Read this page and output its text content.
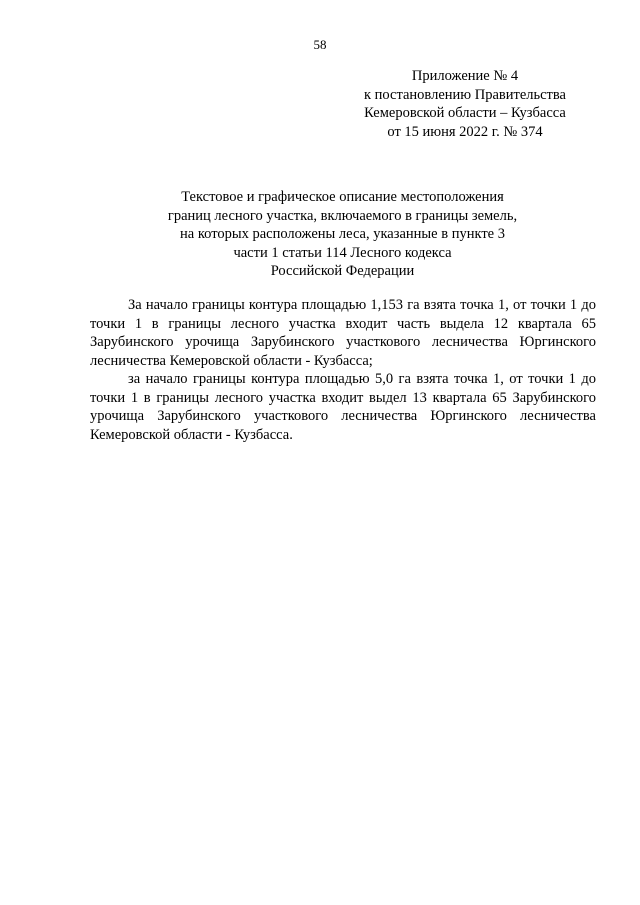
58
Приложение № 4
к постановлению Правительства
Кемеровской области – Кузбасса
от 15 июня 2022 г. № 374
Текстовое и графическое описание местоположения
границ лесного участка, включаемого в границы земель,
на которых расположены леса, указанные в пункте 3
части 1 статьи 114 Лесного кодекса
Российской Федерации

За начало границы контура площадью 1,153 га взята точка 1, от точки 1 до точки 1 в границы лесного участка входит часть выдела 12 квартала 65 Зарубинского урочища Зарубинского участкового лесничества Юргинского лесничества Кемеровской области - Кузбасса;

за начало границы контура площадью 5,0 га взята точка 1, от точки 1 до точки 1 в границы лесного участка входит выдел 13 квартала 65 Зарубинского урочища Зарубинского участкового лесничества Юргинского лесничества Кемеровской области - Кузбасса.
